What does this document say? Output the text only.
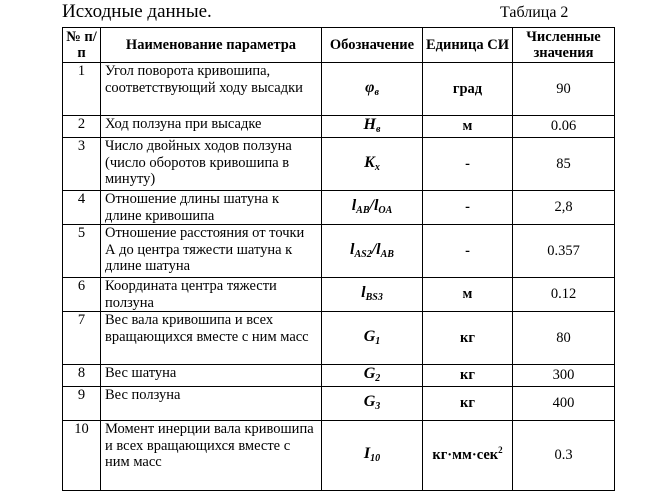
Исходные данные.	Таблица 2
№ п/п	Наименование параметра	Обозначение	Единица СИ	Численные значения
1	Угол поворота кривошипа, соответствующий ходу высадки	$\varphi_в$	град	90
2	Ход ползуна при высадке	$H_в$	м	0.06
3	Число двойных ходов ползуна (число оборотов кривошипа в минуту)	$K_x$	-	85
4	Отношение длины шатуна к длине кривошипа	$l_{AB}/l_{OA}$	-	2,8
5	Отношение расстояния от точки А до центра тяжести шатуна к длине шатуна	$l_{AS2}/l_{AB}$	-	0.357
6	Координата центра тяжести ползуна	$l_{BS3}$	м	0.12
7	Вес вала кривошипа и всех вращающихся вместе с ним масс	$G_1$	кг	80
8	Вес шатуна	$G_2$	кг	300
9	Вес ползуна	$G_3$	кг	400
10	Момент инерции вала кривошипа и всех вращающихся вместе с ним масс	$I_{10}$	кг·мм·сек$^2$	0.3
